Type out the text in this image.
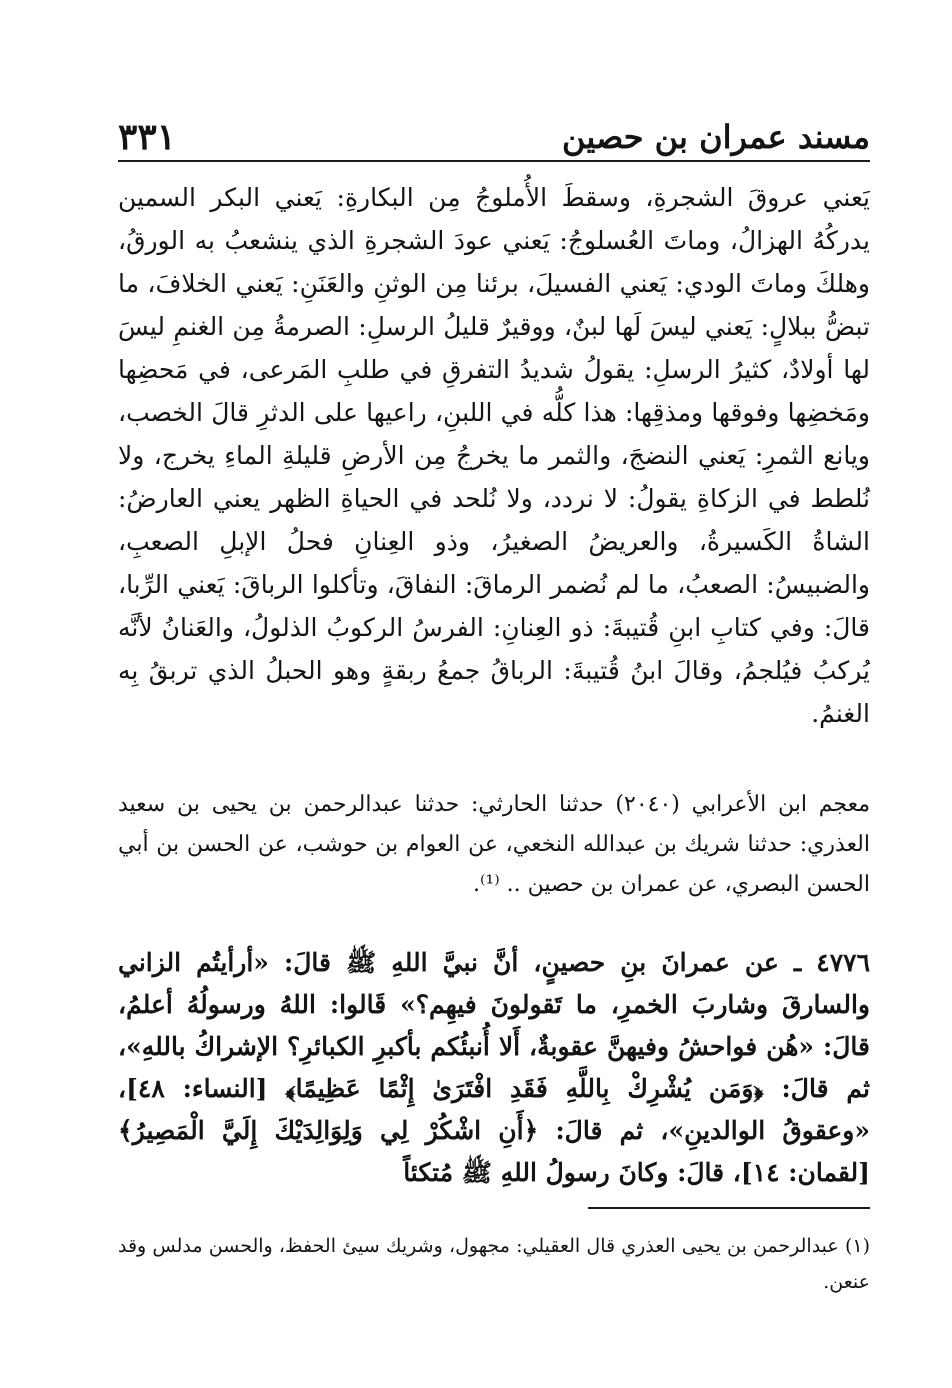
٣٣١	مسند عمران بن حصين

يَعني عروقَ الشجرةِ، وسقطَ الأُملوجُ مِن البكارةِ: يَعني البكر السمين يدركُهُ الهزالُ، وماتَ العُسلوجُ: يَعني عودَ الشجرةِ الذي ينشعبُ به الورقُ، وهلكَ وماتَ الودي: يَعني الفسيلَ، برئنا مِن الوثنِ والعَنَنِ: يَعني الخلافَ، ما تبضُّ ببلالٍ: يَعني ليسَ لَها لبنٌ، ووقيرٌ قليلُ الرسلِ: الصرمةُ مِن الغنمِ ليسَ لها أولادٌ، كثيرُ الرسلِ: يقولُ شديدُ التفرقِ في طلبِ المَرعى، في مَحضِها ومَخضِها وفوقها ومذقِها: هذا كلُّه في اللبنِ، راعيها على الدثرِ قالَ الخصب، ويانع الثمرِ: يَعني النضجَ، والثمر ما يخرجُ مِن الأرضِ قليلةِ الماءِ يخرج، ولا نُلطط في الزكاةِ يقولُ: لا نردد، ولا نُلحد في الحياةِ الظهر يعني العارضُ: الشاةُ الكَسيرةُ، والعريضُ الصغيرُ، وذو العِنانِ فحلُ الإبلِ الصعبِ، والضبيسُ: الصعبُ، ما لم نُضمر الرماقَ: النفاقَ، وتأكلوا الرباقَ: يَعني الرِّبا، قالَ: وفي كتابِ ابنِ قُتيبةَ: ذو العِنانِ: الفرسُ الركوبُ الذلولُ، والعَنانُ لأنَّه يُركبُ فيُلجمُ، وقالَ ابنُ قُتيبةَ: الرباقُ جمعُ ربقةٍ وهو الحبلُ الذي تربقُ بِه الغنمُ.

معجم ابن الأعرابي (٢٠٤٠) حدثنا الحارثي: حدثنا عبدالرحمن بن يحيى بن سعيد العذري: حدثنا شريك بن عبدالله النخعي، عن العوام بن حوشب، عن الحسن بن أبي الحسن البصري، عن عمران بن حصين .. ⁽¹⁾.

٤٧٧٦ ـ عن عمرانَ بنِ حصينٍ، أنَّ نبيَّ اللهِ ﷺ قالَ: «أرأيتُم الزاني والسارقَ وشاربَ الخمرِ، ما تَقولونَ فيهِم؟» قَالوا: اللهُ ورسولُهُ أعلمُ، قالَ: «هُن فواحشُ وفيهنَّ عقوبةٌ، أَلا أُنبئُكم بأكبرِ الكبائرِ؟ الإشراكُ باللهِ»، ثم قالَ: ﴿وَمَن يُشْرِكْ بِاللَّهِ فَقَدِ افْتَرَىٰ إِثْمًا عَظِيمًا﴾ [النساء: ٤٨]، «وعقوقُ الوالدينِ»، ثم قالَ: ﴿أَنِ اشْكُرْ لِي وَلِوَالِدَيْكَ إِلَيَّ الْمَصِيرُ﴾ [لقمان: ١٤]، قالَ: وكانَ رسولُ اللهِ ﷺ مُتكئاً

(١) عبدالرحمن بن يحيى العذري قال العقيلي: مجهول، وشريك سيئ الحفظ، والحسن مدلس وقد عنعن.
